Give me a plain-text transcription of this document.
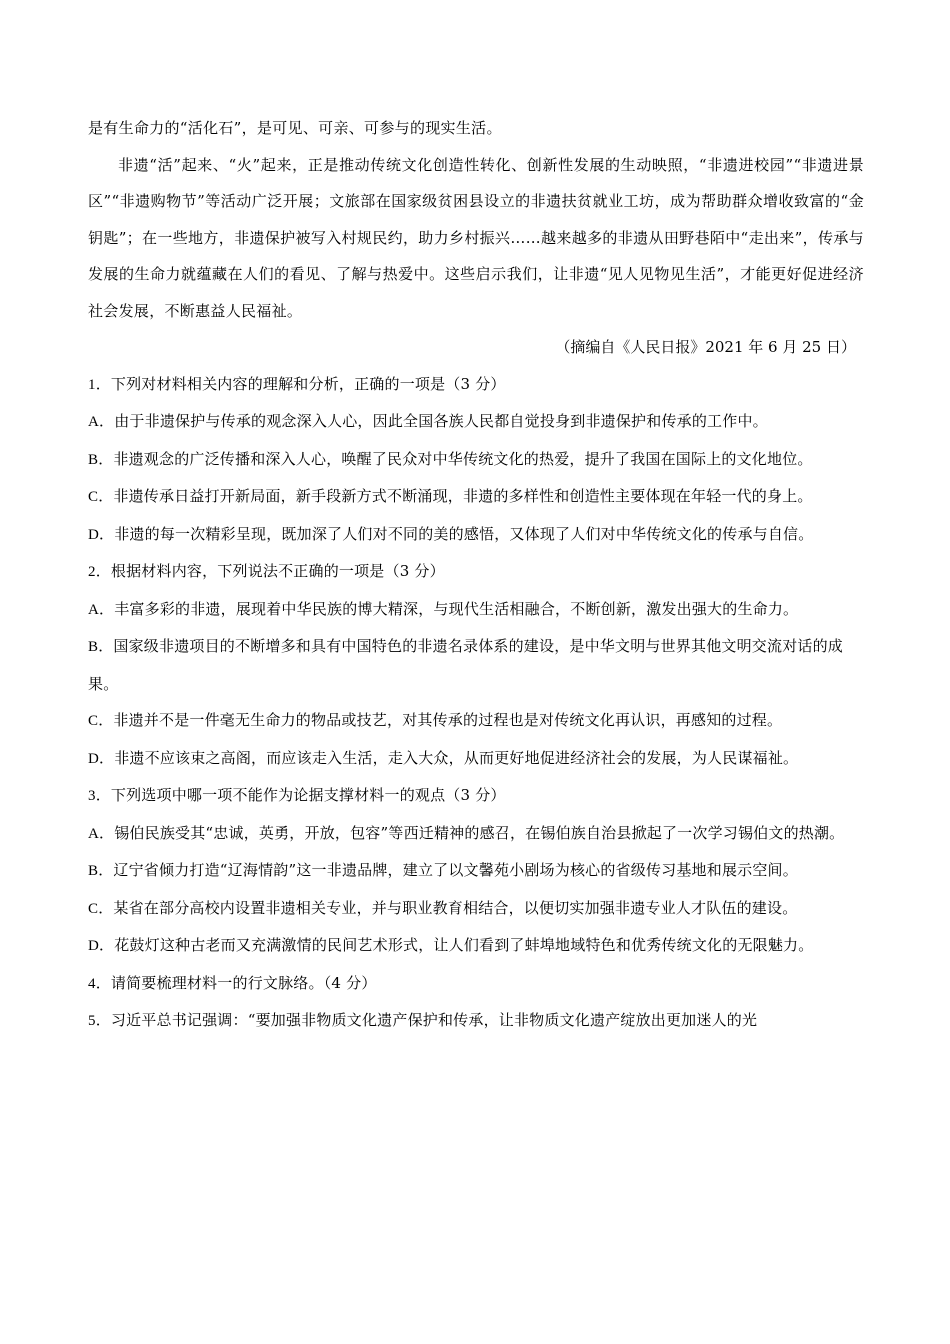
是有生命力的“活化石”，是可见、可亲、可参与的现实生活。

非遗“活”起来、“火”起来，正是推动传统文化创造性转化、创新性发展的生动映照，“非遗进校园”“非遗进景区”“非遗购物节”等活动广泛开展；文旅部在国家级贫困县设立的非遗扶贫就业工坊，成为帮助群众增收致富的“金钥匙”；在一些地方，非遗保护被写入村规民约，助力乡村振兴……越来越多的非遗从田野巷陌中“走出来”，传承与发展的生命力就蕴藏在人们的看见、了解与热爱中。这些启示我们，让非遗“见人见物见生活”，才能更好促进经济社会发展，不断惠益人民福祉。

（摘编自《人民日报》2021 年 6 月 25 日）

1．下列对材料相关内容的理解和分析，正确的一项是（3 分）

A．由于非遗保护与传承的观念深入人心，因此全国各族人民都自觉投身到非遗保护和传承的工作中。

B．非遗观念的广泛传播和深入人心，唤醒了民众对中华传统文化的热爱，提升了我国在国际上的文化地位。

C．非遗传承日益打开新局面，新手段新方式不断涌现，非遗的多样性和创造性主要体现在年轻一代的身上。

D．非遗的每一次精彩呈现，既加深了人们对不同的美的感悟，又体现了人们对中华传统文化的传承与自信。

2．根据材料内容，下列说法不正确的一项是（3 分）

A．丰富多彩的非遗，展现着中华民族的博大精深，与现代生活相融合，不断创新，激发出强大的生命力。

B．国家级非遗项目的不断增多和具有中国特色的非遗名录体系的建设，是中华文明与世界其他文明交流对话的成果。

C．非遗并不是一件毫无生命力的物品或技艺，对其传承的过程也是对传统文化再认识，再感知的过程。

D．非遗不应该束之高阁，而应该走入生活，走入大众，从而更好地促进经济社会的发展，为人民谋福祉。

3．下列选项中哪一项不能作为论据支撑材料一的观点（3 分）

A．锡伯民族受其“忠诚，英勇，开放，包容”等西迁精神的感召，在锡伯族自治县掀起了一次学习锡伯文的热潮。

B．辽宁省倾力打造“辽海情韵”这一非遗品牌，建立了以文馨苑小剧场为核心的省级传习基地和展示空间。

C．某省在部分高校内设置非遗相关专业，并与职业教育相结合，以便切实加强非遗专业人才队伍的建设。

D．花鼓灯这种古老而又充满激情的民间艺术形式，让人们看到了蚌埠地域特色和优秀传统文化的无限魅力。

4．请简要梳理材料一的行文脉络。（4 分）

5．习近平总书记强调：“要加强非物质文化遗产保护和传承，让非物质文化遗产绽放出更加迷人的光
